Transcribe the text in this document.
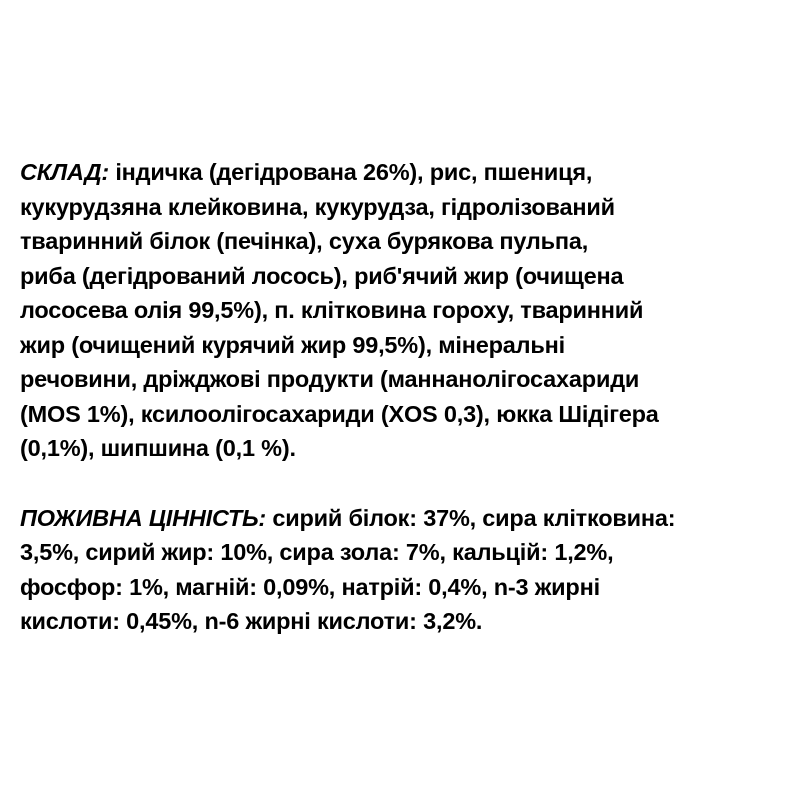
СКЛАД: індичка (дегідрована 26%), рис, пшениця,
кукурудзяна клейковина, кукурудза, гідролізований
тваринний білок (печінка), суха бурякова пульпа,
риба (дегідрований лосось), риб'ячий жир (очищена
лососева олія 99,5%), п. клітковина гороху, тваринний
жир (очищений курячий жир 99,5%), мінеральні
речовини, дріжджові продукти (маннанолігосахариди
(MOS 1%), ксилоолігосахариди (XOS 0,3), юкка Шідігера
(0,1%), шипшина (0,1 %).

ПОЖИВНА ЦІННІСТЬ: сирий білок: 37%, сира клітковина:
3,5%, сирий жир: 10%, сира зола: 7%, кальцій: 1,2%,
фосфор: 1%, магній: 0,09%, натрій: 0,4%, n-3 жирні
кислоти: 0,45%, n-6 жирні кислоти: 3,2%.
